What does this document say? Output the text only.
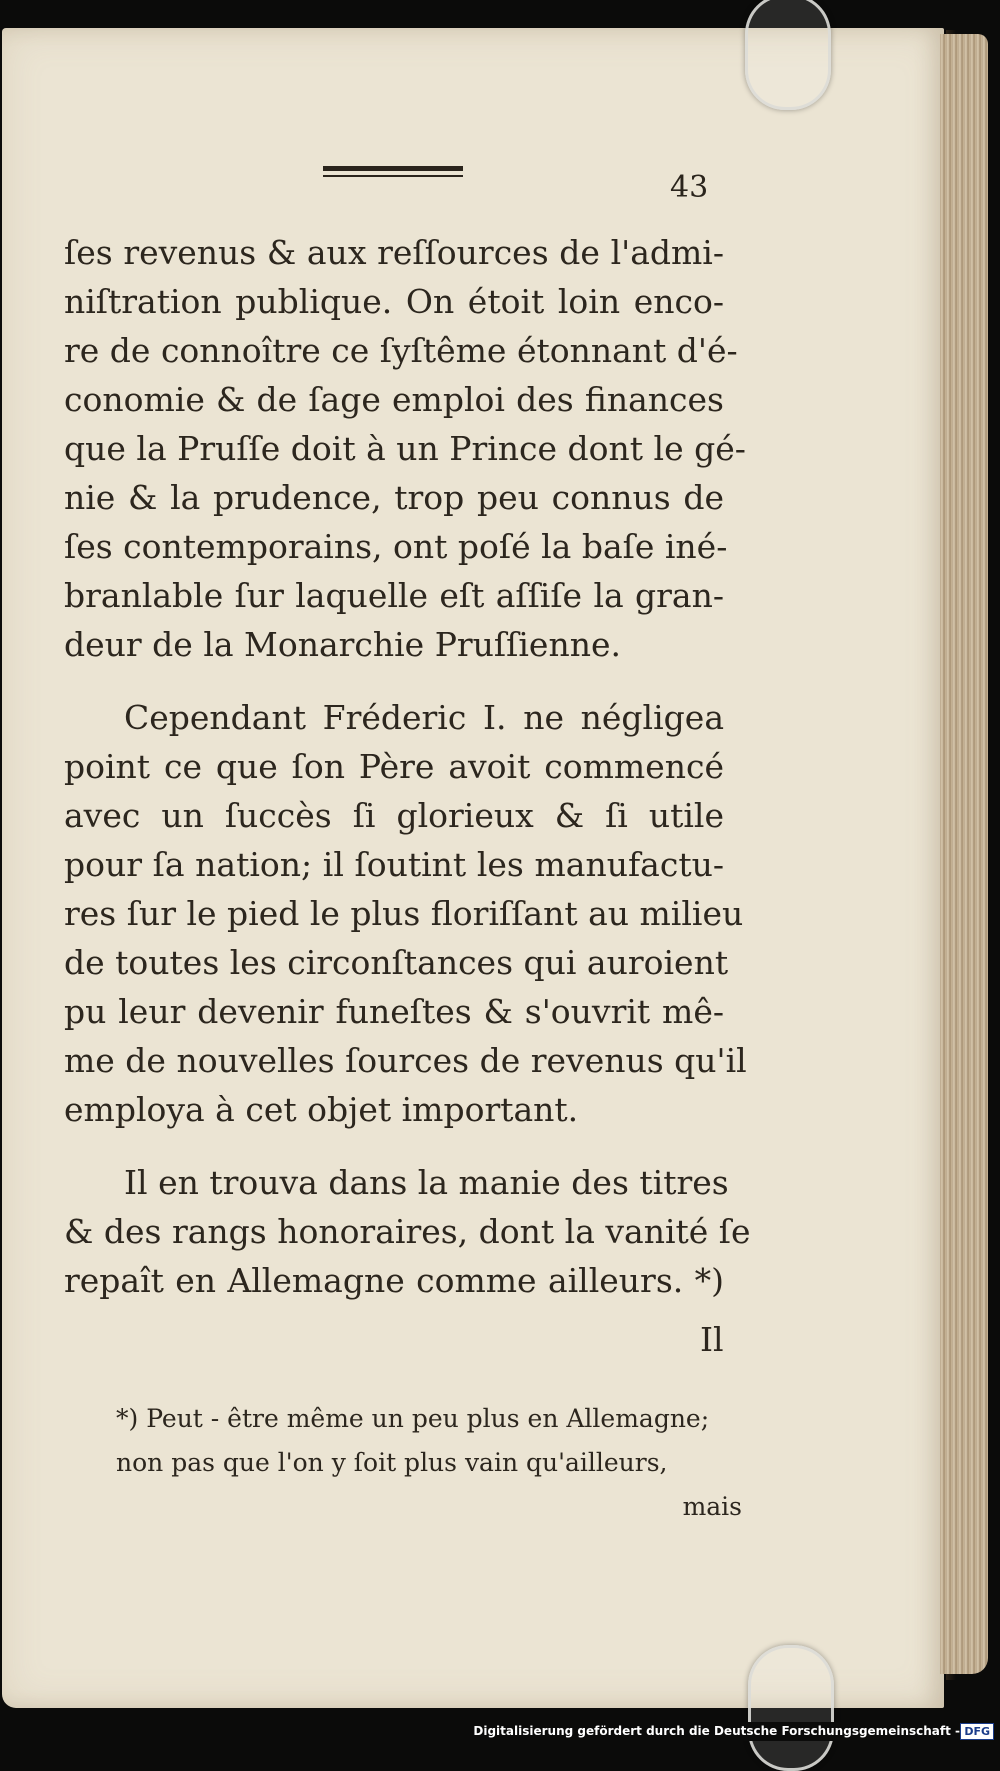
43
ſes revenus & aux reſſources de l'admi-
niſtration publique. On étoit loin enco-
re de connoître ce ſyſtême étonnant d'é-
conomie & de ſage emploi des finances
que la Pruſſe doit à un Prince dont le gé-
nie & la prudence, trop peu connus de
ſes contemporains, ont poſé la baſe iné-
branlable ſur laquelle eſt aſſiſe la gran-
deur de la Monarchie Pruſſienne.
Cependant Fréderic I. ne négligea
point ce que ſon Père avoit commencé
avec un ſuccès ſi glorieux & ſi utile
pour ſa nation; il ſoutint les manufactu-
res ſur le pied le plus floriſſant au milieu
de toutes les circonſtances qui auroient
pu leur devenir funeſtes & s'ouvrit mê-
me de nouvelles ſources de revenus qu'il
employa à cet objet important.
Il en trouva dans la manie des titres
& des rangs honoraires, dont la vanité ſe
repaît en Allemagne comme ailleurs. *)
Il
*) Peut - être même un peu plus en Allemagne;
non pas que l'on y ſoit plus vain qu'ailleurs,
mais
Digitalisierung gefördert durch die Deutsche Forschungsgemeinschaft - DFG
